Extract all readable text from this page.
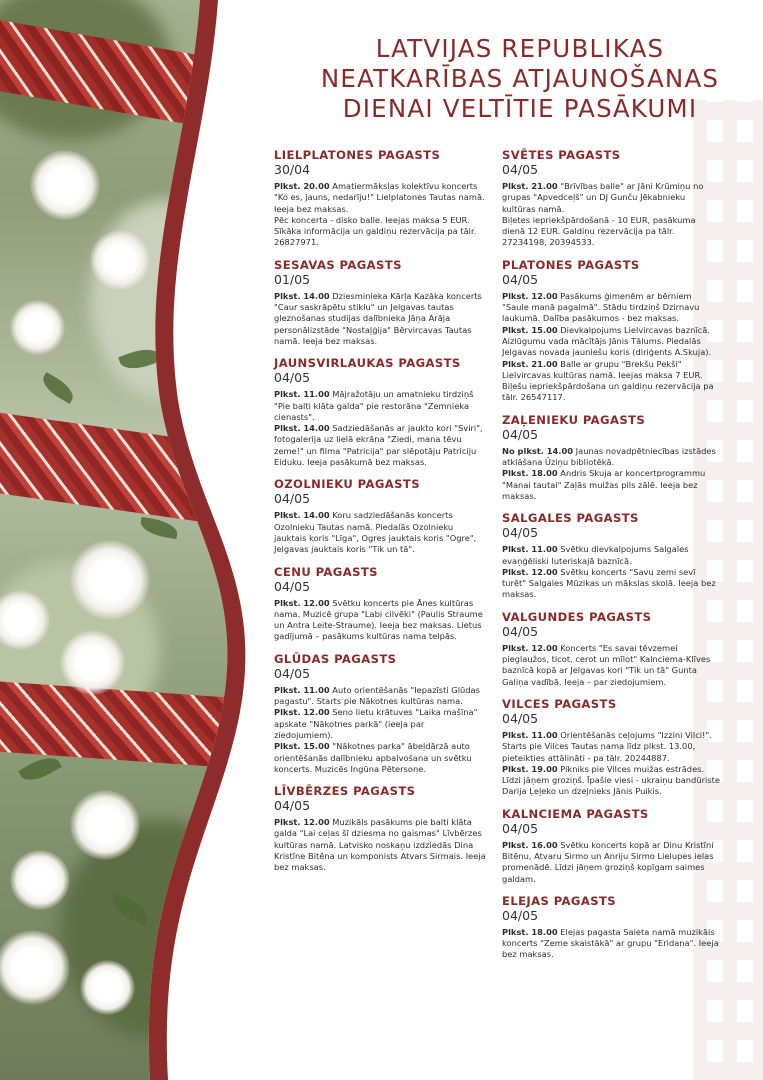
LATVIJAS REPUBLIKAS NEATKARĪBAS ATJAUNOŠANAS DIENAI VELTĪTIE PASĀKUMI
LIELPLATONES PAGASTS
30/04

Plkst. 20.00 Amatiermākslas kolektīvu koncerts "Ko es, jauns, nedarīju!" Lielplatones Tautas namā. Ieeja bez maksas.

Pēc koncerta - disko balle. Ieejas maksa 5 EUR. Sīkāka informācija un galdiņu rezervācija pa tālr. 26827971.

SESAVAS PAGASTS
01/05

Plkst. 14.00 Dziesminieka Kārļa Kazāka koncerts "Caur saskrāpētu stiklu" un Jelgavas tautas gleznošanas studijas dalībnieka Jāņa Arāja personālizstāde "Nostaļģija" Bērvircavas Tautas namā. Ieeja bez maksas.

JAUNSVIRLAUKAS PAGASTS
04/05

Plkst. 11.00 Mājražotāju un amatnieku tirdziņš "Pie balti klāta galda" pie restorāna "Zemnieka cienasts".

Plkst. 14.00 Sadziedāšanās ar jaukto kori "Sviri", fotogalerija uz lielā ekrāna "Ziedi, mana tēvu zeme!" un filma "Patricija" par slēpotāju Patriciju Eiduku. Ieeja pasākumā bez maksas.

OZOLNIEKU PAGASTS
04/05

Plkst. 14.00 Koru sadziedāšanās koncerts Ozolnieku Tautas namā. Piedalās Ozolnieku jauktais koris "Līga", Ogres jauktais koris "Ogre", Jelgavas jauktais koris "Tik un tā".

CENU PAGASTS
04/05

Plkst. 12.00 Svētku koncerts pie Ānes kultūras nama. Muzicē grupa "Labi cilvēki" (Paulis Straume un Antra Leite-Straume). Ieeja bez maksas. Lietus gadījumā – pasākums kultūras nama telpās.

GLŪDAS PAGASTS
04/05

Plkst. 11.00 Auto orientēšanās "Iepazīsti Glūdas pagastu". Starts pie Nākotnes kultūras nama.

Plkst. 12.00 Seno lietu krātuves "Laika mašīna" apskate "Nākotnes parkā" (ieeja par ziedojumiem).

Plkst. 15.00 "Nākotnes parka" ābeļdārzā auto orientēšanās dalībnieku apbalvošana un svētku koncerts. Muzicēs Ingūna Pētersone.

LĪVBĒRZES PAGASTS
04/05

Plkst. 12.00 Muzikāls pasākums pie balti klāta galda "Lai ceļas šī dziesma no gaismas" Līvbērzes kultūras namā. Latvisko noskaņu izdziedās Dina Kristīne Bitēna un komponists Atvars Sirmais. Ieeja bez maksas.

SVĒTES PAGASTS
04/05

Plkst. 21.00 "Brīvības balle" ar Jāni Krūmiņu no grupas "Apvedceļš" un DJ Gunču Jēkabnieku kultūras namā.

Biļetes iepriekšpārdošanā - 10 EUR, pasākuma dienā 12 EUR. Galdiņu rezervācija pa tālr. 27234198, 20394533.

PLATONES PAGASTS
04/05

Plkst. 12.00 Pasākums ģimenēm ar bērniem "Saule manā pagalmā". Stādu tirdziņš Dzirnavu laukumā. Dalība pasākumos - bez maksas.

Plkst. 15.00 Dievkalpojums Lielvircavas baznīcā. Aizlūgumu vada mācītājs Jānis Tālums. Piedalās Jelgavas novada jauniešu koris (diriģents A.Skuja).

Plkst. 21.00 Balle ar grupu "Brekšu Pekši" Lielvircavas kultūras namā. Ieejas maksa 7 EUR. Biļešu iepriekšpārdošana un galdiņu rezervācija pa tālr. 26547117.

ZAĻENIEKU PAGASTS
04/05

No plkst. 14.00 Jaunas novadpētniecības izstādes atklāšana Ūziņu bibliotēkā.

Plkst. 18.00 Andris Skuja ar koncertprogrammu "Manai tautai" Zaļās muižas pils zālē. Ieeja bez maksas.

SALGALES PAGASTS
04/05

Plkst. 11.00 Svētku dievkalpojums Salgales evaņģēliski luteriskajā baznīcā.

Plkst. 12.00 Svētku koncerts "Savu zemi sevī turēt" Salgales Mūzikas un mākslas skolā. Ieeja bez maksas.

VALGUNDES PAGASTS
04/05

Plkst. 12.00 Koncerts "Es savai tēvzemei pieglaužos, ticot, cerot un mīlot" Kalnciema-Klīves baznīcā kopā ar Jelgavas kori "Tik un tā" Gunta Galiņa vadībā. Ieeja – par ziedojumiem.

VILCES PAGASTS
04/05

Plkst. 11.00 Orientēšanās ceļojums "Izzini Vilci!". Starts pie Vilces Tautas nama līdz plkst. 13.00, pieteikties attālināti - pa tālr. 20244887.

Plkst. 19.00 Pikniks pie Vilces muižas estrādes. Līdzi jāņem groziņš. Īpašie viesi - ukraiņu bandūriste Darija Ļeļeko un dzejnieks Jānis Puikis.

KALNCIEMA PAGASTS
04/05

Plkst. 16.00 Svētku koncerts kopā ar Dinu Kristīni Bitēnu, Atvaru Sirmo un Anriju Sirmo Lielupes ielas promenādē. Līdzi jāņem groziņš kopīgam saimes galdam.

ELEJAS PAGASTS
04/05

Plkst. 18.00 Elejas pagasta Saieta namā muzikāls koncerts "Zeme skaistākā" ar grupu "Eridana". Ieeja bez maksas.
